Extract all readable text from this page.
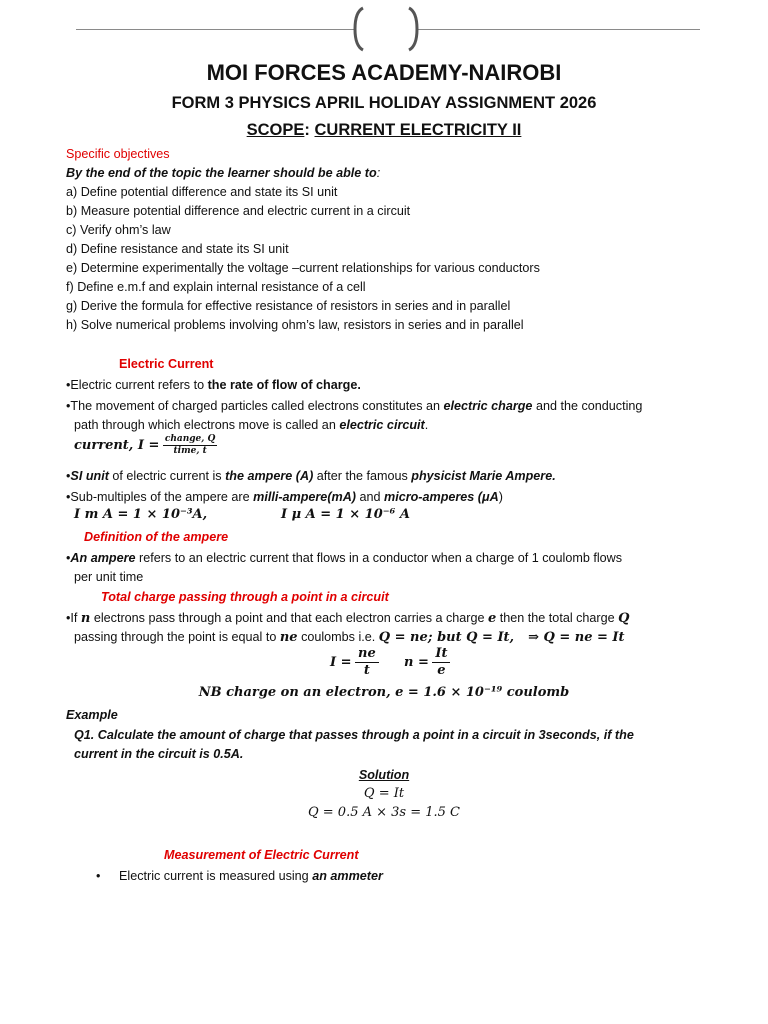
MOI FORCES ACADEMY-NAIROBI
FORM 3 PHYSICS APRIL HOLIDAY ASSIGNMENT 2026
SCOPE: CURRENT ELECTRICITY II
Specific objectives
By the end of the topic the learner should be able to:
a) Define potential difference and state its SI unit
b) Measure potential difference and electric current in a circuit
c) Verify ohm’s law
d) Define resistance and state its SI unit
e) Determine experimentally the voltage –current relationships for various conductors
f) Define e.m.f and explain internal resistance of a cell
g) Derive the formula for effective resistance of resistors in series and in parallel
h) Solve numerical problems involving ohm’s law, resistors in series and in parallel
Electric Current
•Electric current refers to the rate of flow of charge.
•The movement of charged particles called electrons constitutes an electric charge and the conducting
path through which electrons move is called an electric circuit.
current, $I = \frac{\text{change, Q}}{\text{time, t}}$
•SI unit of electric current is the ampere (A) after the famous physicist Marie Ampere.
•Sub-multiples of the ampere are milli-ampere(mA) and micro-amperes (μA)
I m A = 1 × 10⁻³A,	I μ A = 1 × 10⁻⁶ A
Definition of the ampere
•An ampere refers to an electric current that flows in a conductor when a charge of 1 coulomb flows
per unit time
Total charge passing through a point in a circuit
•If n electrons pass through a point and that each electron carries a charge e then the total charge Q
passing through the point is equal to ne coulombs i.e. Q = ne; but Q = It, ⇒ Q = ne = It
$I = \frac{ne}{t}$ $n = \frac{It}{e}$
NB charge on an electron, e = 1.6 × 10⁻¹⁹ coulomb
Example
Q1. Calculate the amount of charge that passes through a point in a circuit in 3seconds, if the
current in the circuit is 0.5A.
Solution
Q = It
Q = 0.5 A × 3s = 1.5 C
Measurement of Electric Current
• Electric current is measured using an ammeter
